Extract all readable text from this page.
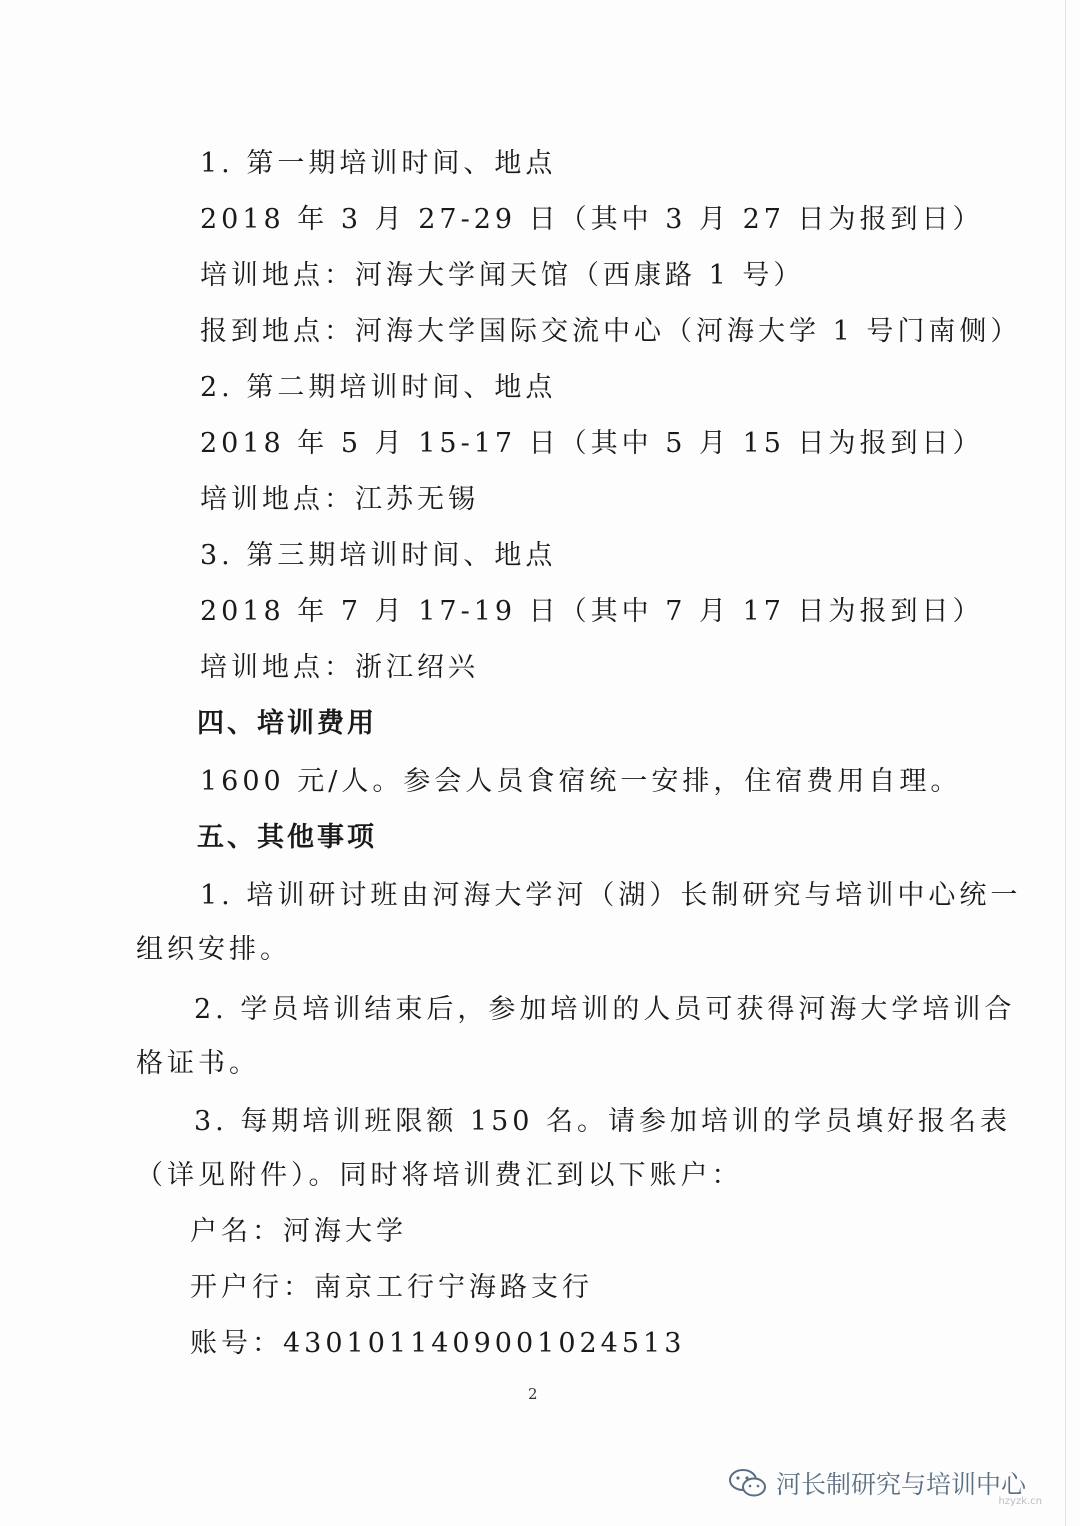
1. 第一期培训时间、地点
2018 年 3 月 27-29 日（其中 3 月 27 日为报到日）
培训地点：河海大学闻天馆（西康路 1 号）
报到地点：河海大学国际交流中心（河海大学 1 号门南侧）
2. 第二期培训时间、地点
2018 年 5 月 15-17 日（其中 5 月 15 日为报到日）
培训地点：江苏无锡
3. 第三期培训时间、地点
2018 年 7 月 17-19 日（其中 7 月 17 日为报到日）
培训地点：浙江绍兴
四、培训费用
1600 元/人。参会人员食宿统一安排，住宿费用自理。
五、其他事项
1. 培训研讨班由河海大学河（湖）长制研究与培训中心统一
组织安排。
2. 学员培训结束后，参加培训的人员可获得河海大学培训合
格证书。
3. 每期培训班限额 150 名。请参加培训的学员填好报名表
（详见附件）。同时将培训费汇到以下账户：
户名：河海大学
开户行：南京工行宁海路支行
账号：430101140900102451​3
2
河长制研究与培训中心
hzyzk.cn
